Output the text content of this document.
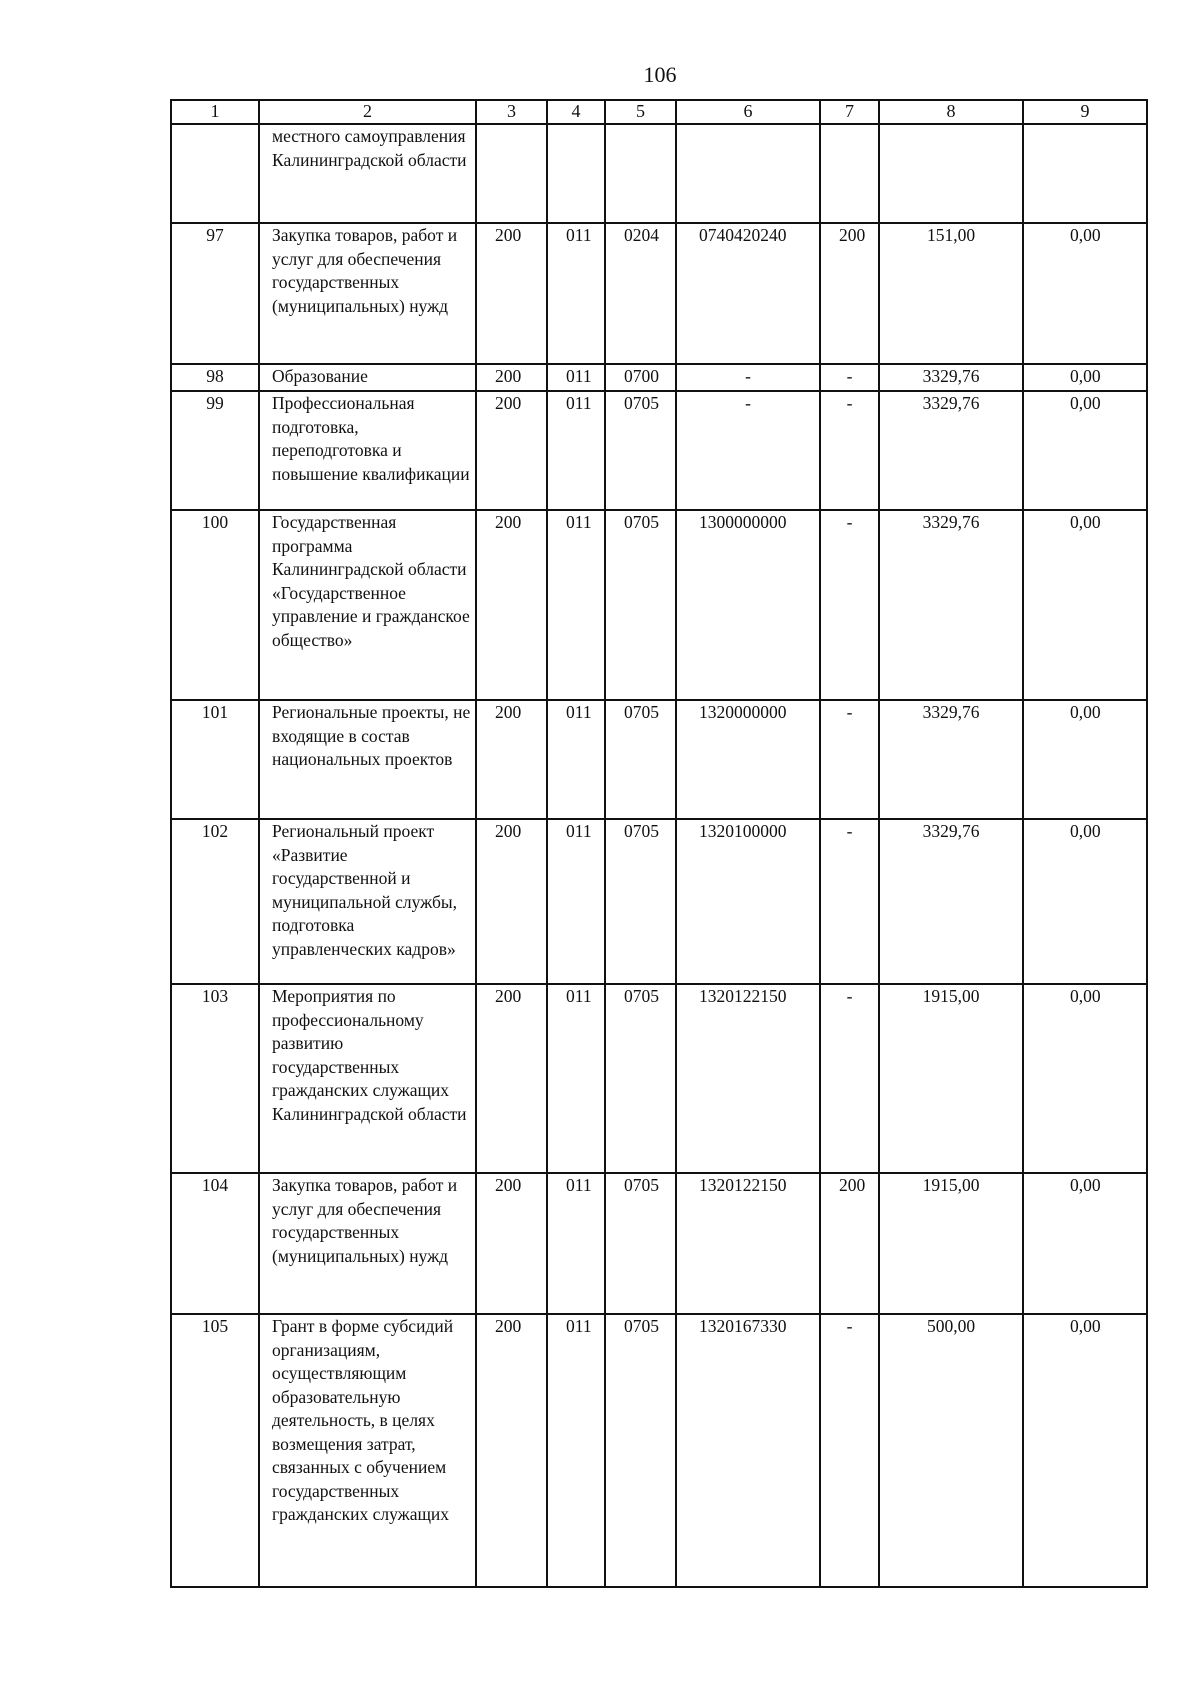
106
1	2	3	4	5	6	7	8	9
	местного самоуправления Калининградской области							
97	Закупка товаров, работ и услуг для обеспечения государственных (муниципальных) нужд	200	011	0204	0740420240	200	151,00	0,00
98	Образование	200	011	0700	-	-	3329,76	0,00
99	Профессиональная подготовка, переподготовка и повышение квалификации	200	011	0705	-	-	3329,76	0,00
100	Государственная программа Калининградской области «Государственное управление и гражданское общество»	200	011	0705	1300000000	-	3329,76	0,00
101	Региональные проекты, не входящие в состав национальных проектов	200	011	0705	1320000000	-	3329,76	0,00
102	Региональный проект «Развитие государственной и муниципальной службы, подготовка управленческих кадров»	200	011	0705	1320100000	-	3329,76	0,00
103	Мероприятия по профессиональному развитию государственных гражданских служащих Калининградской области	200	011	0705	1320122150	-	1915,00	0,00
104	Закупка товаров, работ и услуг для обеспечения государственных (муниципальных) нужд	200	011	0705	1320122150	200	1915,00	0,00
105	Грант в форме субсидий организациям, осуществляющим образовательную деятельность, в целях возмещения затрат, связанных с обучением государственных гражданских служащих	200	011	0705	1320167330	-	500,00	0,00
